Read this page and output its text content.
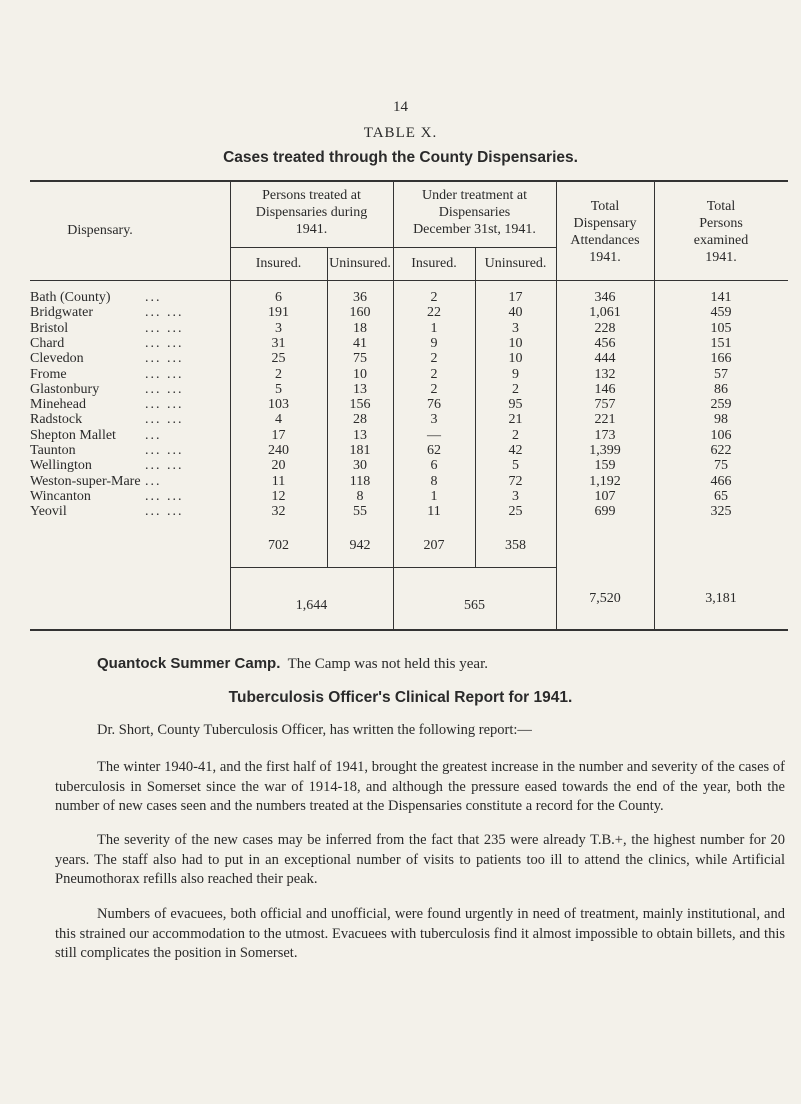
14
TABLE X.
Cases treated through the County Dispensaries.
Dispensary.
Persons treated at
Dispensaries during
1941.
Under treatment at
Dispensaries
December 31st, 1941.
Total
Dispensary
Attendances
1941.
Total
Persons
examined
1941.
Insured.	Uninsured.	Insured.	Uninsured.
Bath (County) ...	6	36	2	17	346	141
Bridgwater	... ...	191	160	22	40	1,061	459
Bristol	... ...	3	18	1	3	228	105
Chard	... ...	31	41	9	10	456	151
Clevedon	... ...	25	75	2	10	444	166
Frome	... ...	2	10	2	9	132	57
Glastonbury	... ...	5	13	2	2	146	86
Minehead	... ...	103	156	76	95	757	259
Radstock	... ...	4	28	3	21	221	98
Shepton Mallet ...	17	13	—	2	173	106
Taunton	... ...	240	181	62	42	1,399	622
Wellington	... ...	20	30	6	5	159	75
Weston-super-Mare ...	11	118	8	72	1,192	466
Wincanton	... ...	12	8	1	3	107	65
Yeovil	... ...	32	55	11	25	699	325
702	942	207	358
1,644	565	7,520	3,181
Quantock Summer Camp. The Camp was not held this year.
Tuberculosis Officer's Clinical Report for 1941.
Dr. Short, County Tuberculosis Officer, has written the following report:—
The winter 1940-41, and the first half of 1941, brought the greatest increase in the number and severity of the cases of tuberculosis in Somerset since the war of 1914-18, and although the pressure eased towards the end of the year, both the number of new cases seen and the numbers treated at the Dispensaries constitute a record for the County.
The severity of the new cases may be inferred from the fact that 235 were already T.B.+, the highest number for 20 years. The staff also had to put in an exceptional number of visits to patients too ill to attend the clinics, while Artificial Pneumothorax refills also reached their peak.
Numbers of evacuees, both official and unofficial, were found urgently in need of treatment, mainly institutional, and this strained our accommodation to the utmost. Evacuees with tuberculosis find it almost impossible to obtain billets, and this still complicates the position in Somerset.
